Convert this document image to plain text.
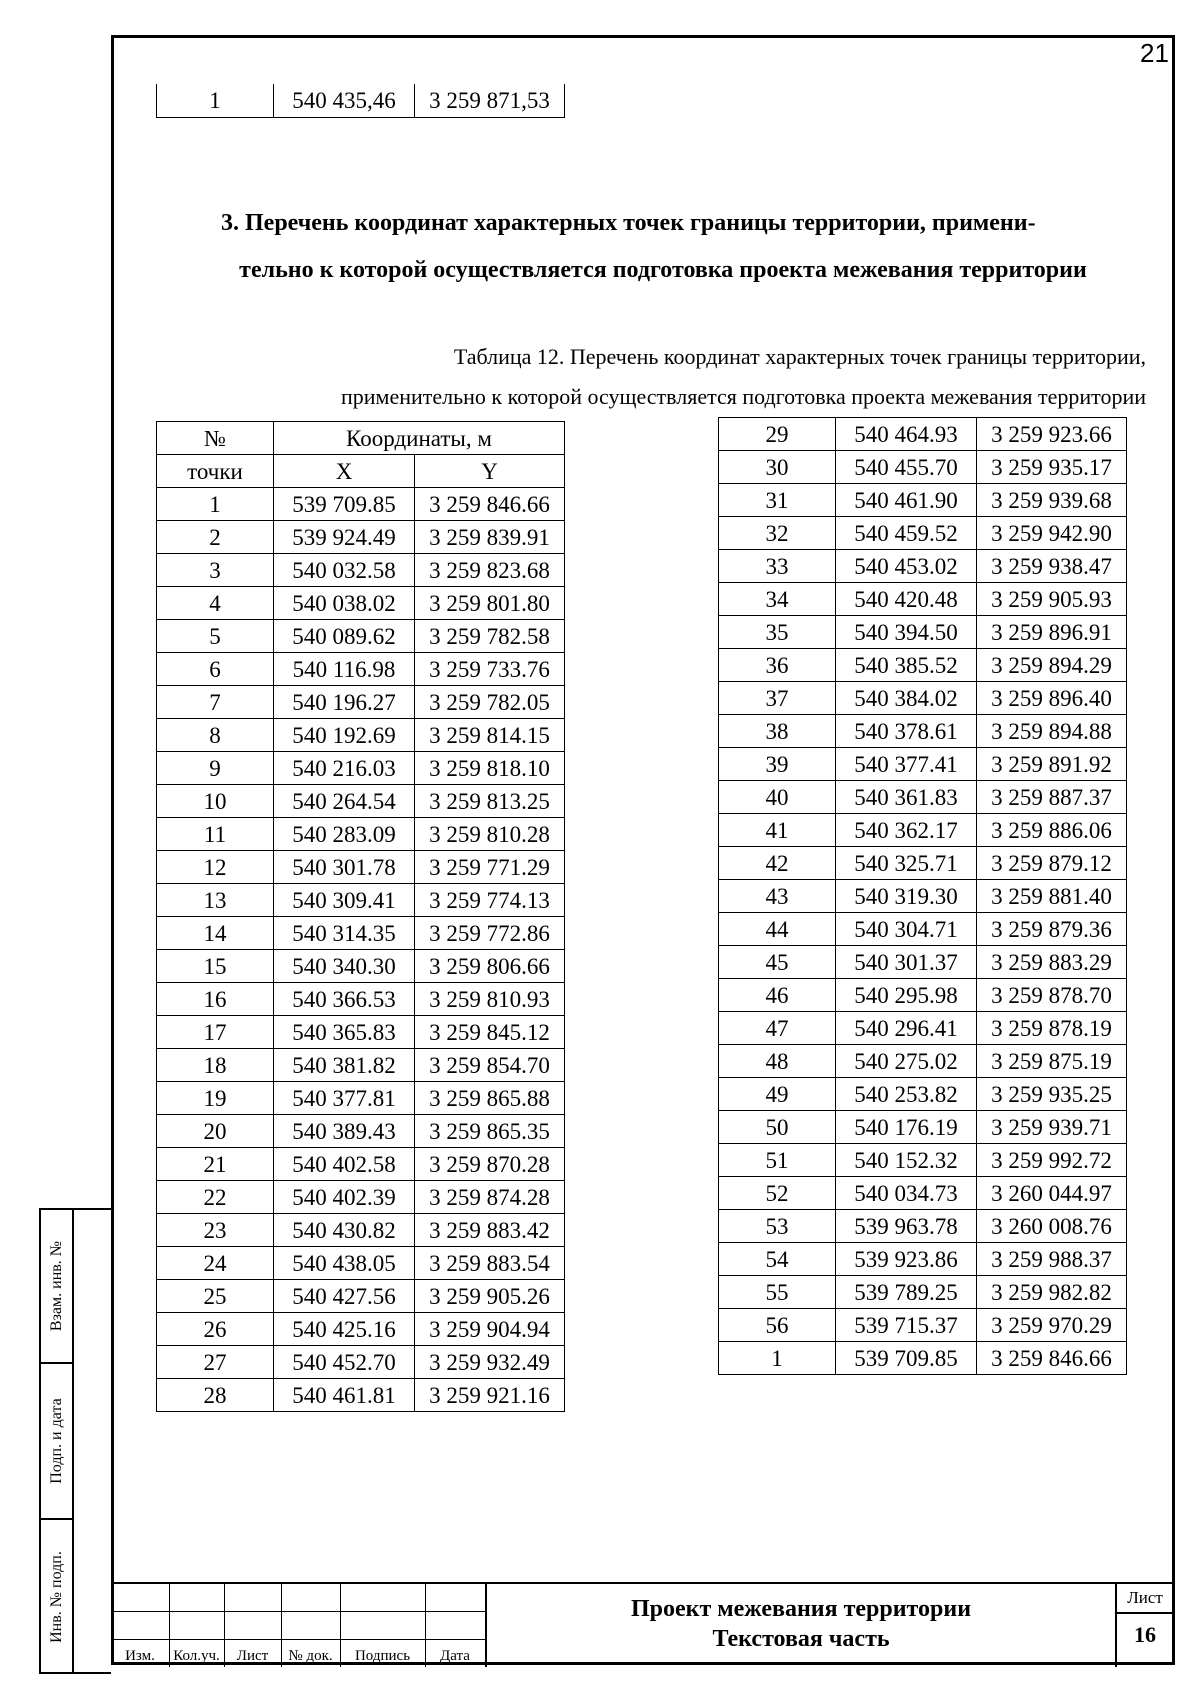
21
1	540 435,46	3 259 871,53
3. Перечень координат характерных точек границы территории, примени-
тельно к которой осуществляется подготовка проекта межевания территории
Таблица 12. Перечень координат характерных точек границы территории,
применительно к которой осуществляется подготовка проекта межевания территории
№	Координаты, м	
точки	X	Y
1	539 709.85	3 259 846.66
2	539 924.49	3 259 839.91
3	540 032.58	3 259 823.68
4	540 038.02	3 259 801.80
5	540 089.62	3 259 782.58
6	540 116.98	3 259 733.76
7	540 196.27	3 259 782.05
8	540 192.69	3 259 814.15
9	540 216.03	3 259 818.10
10	540 264.54	3 259 813.25
11	540 283.09	3 259 810.28
12	540 301.78	3 259 771.29
13	540 309.41	3 259 774.13
14	540 314.35	3 259 772.86
15	540 340.30	3 259 806.66
16	540 366.53	3 259 810.93
17	540 365.83	3 259 845.12
18	540 381.82	3 259 854.70
19	540 377.81	3 259 865.88
20	540 389.43	3 259 865.35
21	540 402.58	3 259 870.28
22	540 402.39	3 259 874.28
23	540 430.82	3 259 883.42
24	540 438.05	3 259 883.54
25	540 427.56	3 259 905.26
26	540 425.16	3 259 904.94
27	540 452.70	3 259 932.49
28	540 461.81	3 259 921.16
29	540 464.93	3 259 923.66
30	540 455.70	3 259 935.17
31	540 461.90	3 259 939.68
32	540 459.52	3 259 942.90
33	540 453.02	3 259 938.47
34	540 420.48	3 259 905.93
35	540 394.50	3 259 896.91
36	540 385.52	3 259 894.29
37	540 384.02	3 259 896.40
38	540 378.61	3 259 894.88
39	540 377.41	3 259 891.92
40	540 361.83	3 259 887.37
41	540 362.17	3 259 886.06
42	540 325.71	3 259 879.12
43	540 319.30	3 259 881.40
44	540 304.71	3 259 879.36
45	540 301.37	3 259 883.29
46	540 295.98	3 259 878.70
47	540 296.41	3 259 878.19
48	540 275.02	3 259 875.19
49	540 253.82	3 259 935.25
50	540 176.19	3 259 939.71
51	540 152.32	3 259 992.72
52	540 034.73	3 260 044.97
53	539 963.78	3 260 008.76
54	539 923.86	3 259 988.37
55	539 789.25	3 259 982.82
56	539 715.37	3 259 970.29
1	539 709.85	3 259 846.66
Взам. инв. №
Подп. и дата
Инв. № подп.
Изм.	Кол.уч.	Лист	№ док.	Подпись	Дата
Проект межевания территории
Текстовая часть
Лист
16
